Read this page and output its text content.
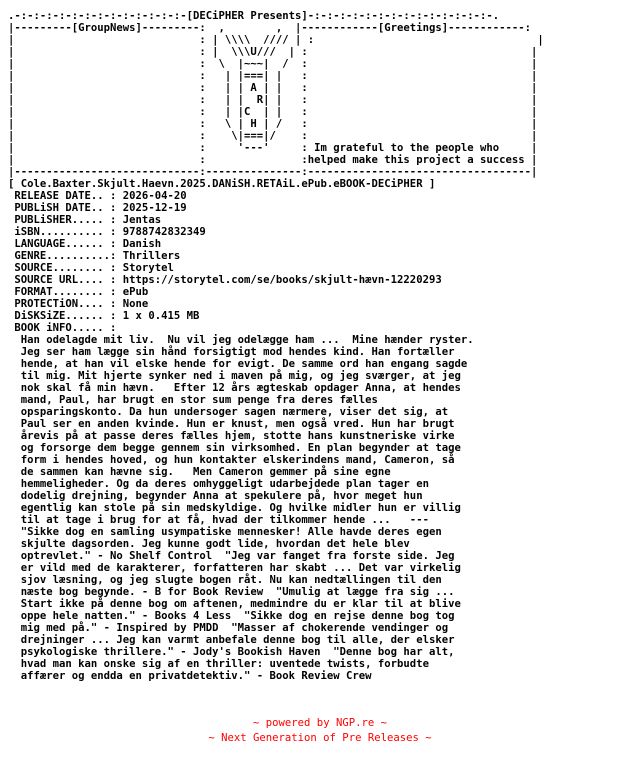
.-:-:-:-:-:-:-:-:-:-:-:-:-:-[DECiPHER Presents]-:-:-:-:-:-:-:-:-:-:-:-:-:-:-.
|---------[GroupNews]---------:  ,        ,  |------------[Greetings]------------:
|                             : | \\\\  //// | :                                   |
|                             : |  \\\U///  | :                                   |
|                             :  \  |~~~|  /  :                                   |
|                             :   | |===| |   :                                   |
|                             :   | | A | |   :                                   |
|                             :   | |  R| |   :                                   |
|                             :   | |C  | |   :                                   |
|                             :   \ | H | /   :                                   |
|                             :    \|===|/    :                                   |
|                             :     '---'     : Im grateful to the people who     |
|                             :               :helped make this project a success |
|-----------------------------:---------------:-----------------------------------|
[ Cole.Baxter.Skjult.Haevn.2025.DANiSH.RETAiL.ePub.eBOOK-DECiPHER ]
RELEASE DATE.. : 2026-04-20
PUBLiSH DATE.. : 2025-12-19
PUBLiSHER..... : Jentas
iSBN.......... : 9788742832349
LANGUAGE...... : Danish
GENRE..........: Thrillers
SOURCE........ : Storytel
SOURCE URL.... : https://storytel.com/se/books/skjult-hævn-12220293
FORMAT........ : ePub
PROTECTiON.... : None
DiSKSiZE...... : 1 x 0.415 MB
BOOK iNFO..... :
Han odelagde mit liv.  Nu vil jeg odelægge ham ...  Mine hænder ryster.
Jeg ser ham lægge sin hånd forsigtigt mod hendes kind. Han fortæller
hende, at han vil elske hende for evigt. De samme ord han engang sagde
til mig. Mit hjerte synker ned i maven på mig, og jeg sværger, at jeg
nok skal få min hævn.   Efter 12 års ægteskab opdager Anna, at hendes
mand, Paul, har brugt en stor sum penge fra deres fælles
opsparingskonto. Da hun undersoger sagen nærmere, viser det sig, at
Paul ser en anden kvinde. Hun er knust, men også vred. Hun har brugt
årevis på at passe deres fælles hjem, stotte hans kunstneriske virke
og forsorge dem begge gennem sin virksomhed. En plan begynder at tage
form i hendes hoved, og hun kontakter elskerindens mand, Cameron, så
de sammen kan hævne sig.   Men Cameron gemmer på sine egne
hemmeligheder. Og da deres omhyggeligt udarbejdede plan tager en
dodelig drejning, begynder Anna at spekulere på, hvor meget hun
egentlig kan stole på sin medskyldige. Og hvilke midler hun er villig
til at tage i brug for at få, hvad der tilkommer hende ...   ---
"Sikke dog en samling usympatiske mennesker! Alle havde deres egen
skjulte dagsorden. Jeg kunne godt lide, hvordan det hele blev
optrevlet." - No Shelf Control  "Jeg var fanget fra forste side. Jeg
er vild med de karakterer, forfatteren har skabt ... Det var virkelig
sjov læsning, og jeg slugte bogen råt. Nu kan nedtællingen til den
næste bog begynde. - B for Book Review  "Umulig at lægge fra sig ...
Start ikke på denne bog om aftenen, medmindre du er klar til at blive
oppe hele natten." - Books 4 Less  "Sikke dog en rejse denne bog tog
mig med på." - Inspired by PMDD  "Masser af chokerende vendinger og
drejninger ... Jeg kan varmt anbefale denne bog til alle, der elsker
psykologiske thrillere." - Jody's Bookish Haven  "Denne bog har alt,
hvad man kan onske sig af en thriller: uventede twists, forbudte
affærer og endda en privatdetektiv." - Book Review Crew
~ powered by NGP.re ~
~ Next Generation of Pre Releases ~
